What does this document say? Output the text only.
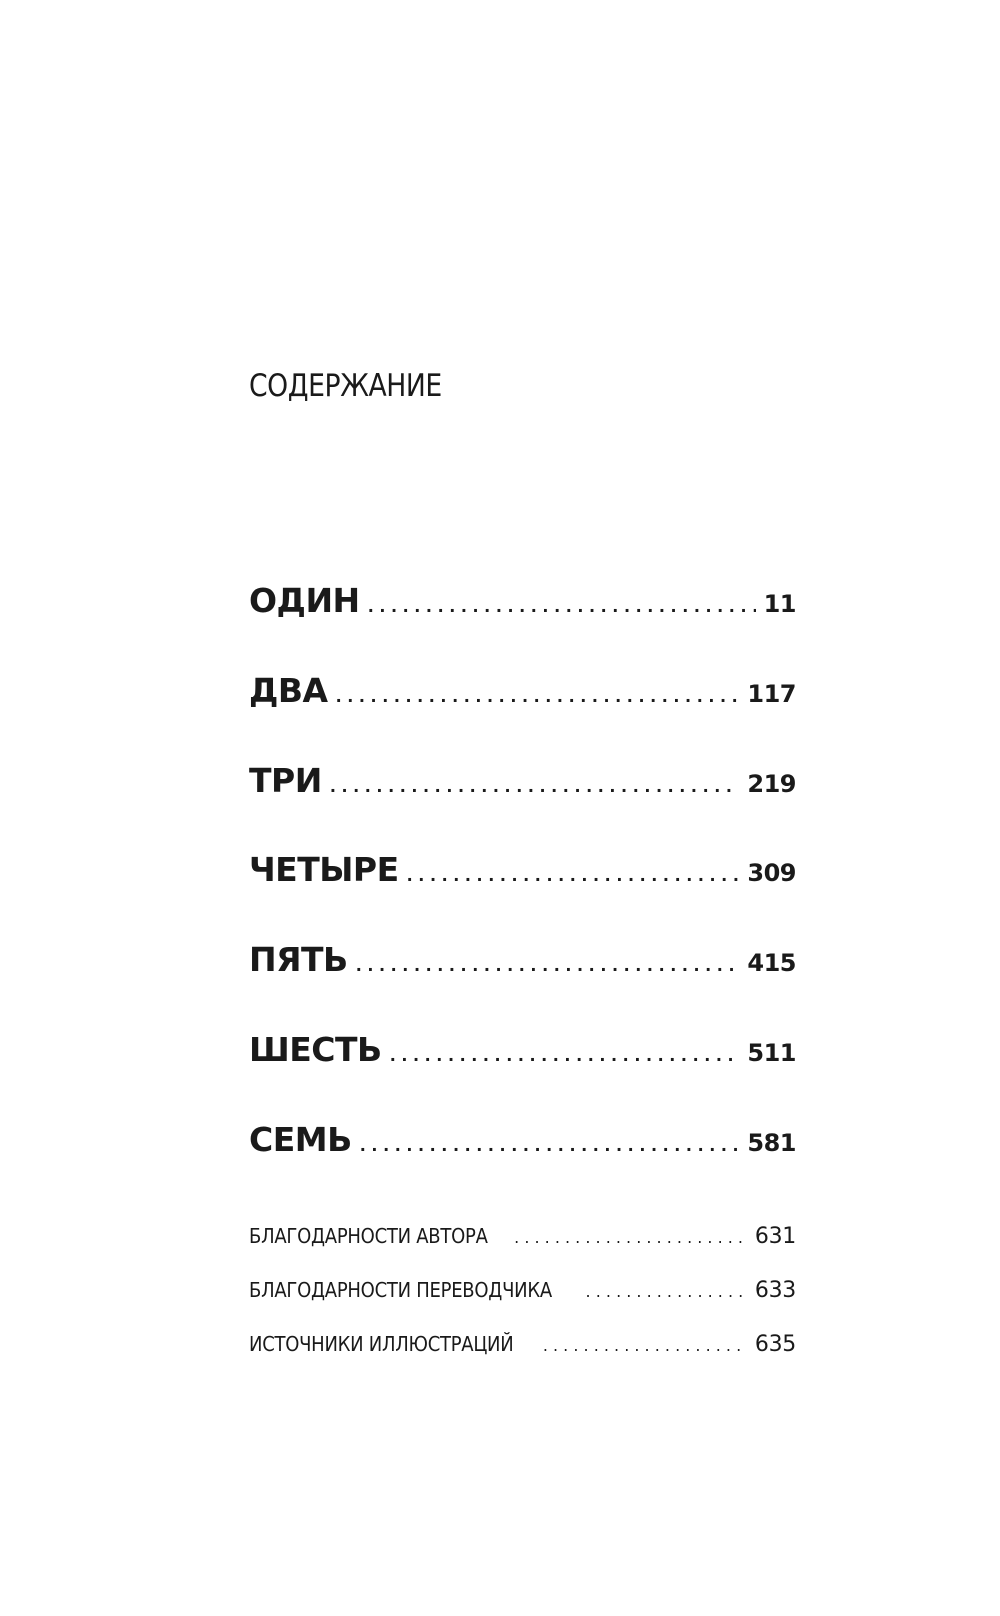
СОДЕРЖАНИЕ
ОДИН . . .	11
ДВА . . .	117
ТРИ . . .	219
ЧЕТЫРЕ . . .	309
ПЯТЬ . . .	415
ШЕСТЬ . . .	511
СЕМЬ . . .	581
БЛАГОДАРНОСТИ АВТОРА . . .	631
БЛАГОДАРНОСТИ ПЕРЕВОДЧИКА . . .	633
ИСТОЧНИКИ ИЛЛЮСТРАЦИЙ . . .	635
